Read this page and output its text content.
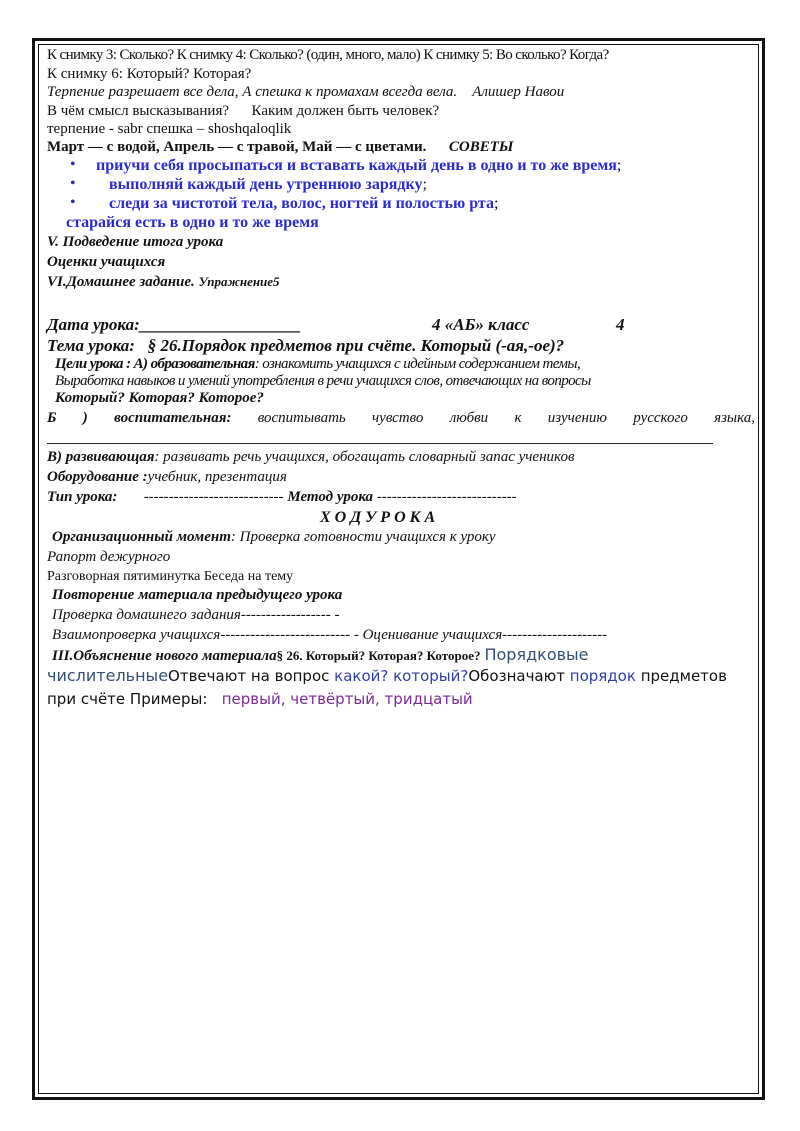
К снимку 3: Сколько? К снимку 4: Сколько? (один, много, мало) К снимку 5: Во сколько? Когда?
К снимку 6: Который? Которая?
Терпение разрешает все дела, А спешка к промахам всегда вела. Алишер Навои
В чём смысл высказывания? Каким должен быть человек?
терпение - sabr спешка – shoshqaloqlik
Март — с водой, Апрель — с травой, Май — с цветами. СОВЕТЫ
• приучи себя просыпаться и вставать каждый день в одно и то же время;
• выполняй каждый день утреннюю зарядку;
• следи за чистотой тела, волос, ногтей и полостью рта;
старайся есть в одно и то же время
V. Подведение итога урока
Оценки учащихся
VI.Домашнее задание. Упражнение5
Дата урока:___________________	4 «АБ» класс	4
Тема урока: § 26.Порядок предметов при счёте. Который (-ая,-ое)?
Цели урока : А) образовательная: ознакомить учащихся с идейным содержанием темы,
Выработка навыков и умений употребления в речи учащихся слов, отвечающих на вопросы
Который? Которая? Которое?
Б ) воспитательная: воспитывать чувство любви к изучению русского языка,
В) развивающая: развивать речь учащихся, обогащать словарный запас учеников
Оборудование :учебник, презентация
Тип урока: ---------------------------- Метод урока ----------------------------
Х О Д У Р О К А
Организационный момент: Проверка готовности учащихся к уроку
Рапорт дежурного
Разговорная пятиминутка Беседа на тему
Повторение материала предыдущего урока
Проверка домашнего задания------------------ -
Взаимопроверка учащихся-------------------------- - Оценивание учащихся---------------------
III.Объяснение нового материала§ 26. Который? Которая? Которое? Порядковые
числительныеОтвечают на вопрос какой? который?Обозначают порядок предметов
при счёте Примеры: первый, четвёртый, тридцатый
